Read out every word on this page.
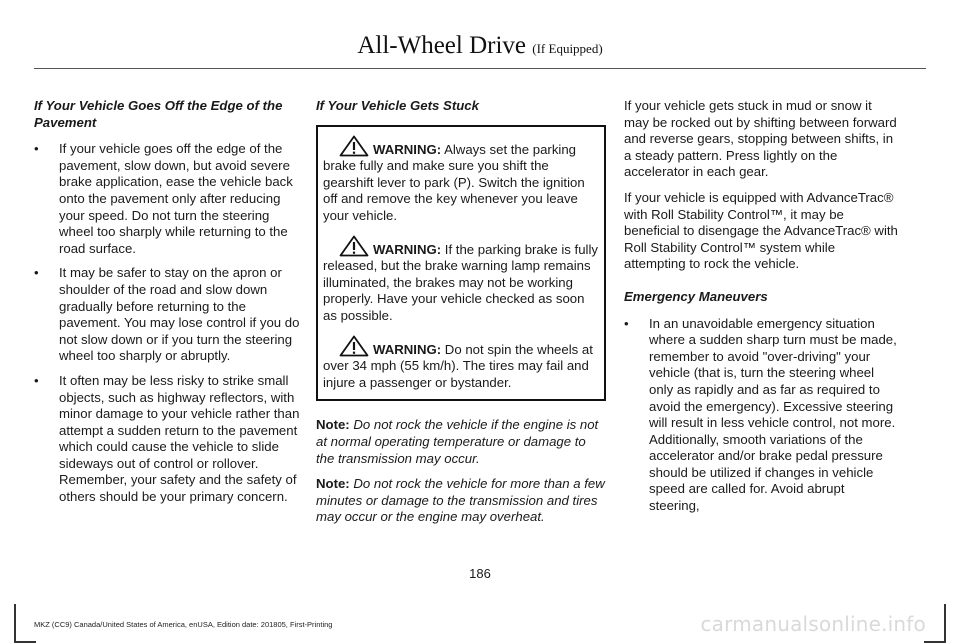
All-Wheel Drive (If Equipped)
If Your Vehicle Goes Off the Edge of the Pavement
• If your vehicle goes off the edge of the pavement, slow down, but avoid severe brake application, ease the vehicle back onto the pavement only after reducing your speed. Do not turn the steering wheel too sharply while returning to the road surface.
• It may be safer to stay on the apron or shoulder of the road and slow down gradually before returning to the pavement. You may lose control if you do not slow down or if you turn the steering wheel too sharply or abruptly.
• It often may be less risky to strike small objects, such as highway reflectors, with minor damage to your vehicle rather than attempt a sudden return to the pavement which could cause the vehicle to slide sideways out of control or rollover. Remember, your safety and the safety of others should be your primary concern.
If Your Vehicle Gets Stuck
WARNING: Always set the parking brake fully and make sure you shift the gearshift lever to park (P). Switch the ignition off and remove the key whenever you leave your vehicle.
WARNING: If the parking brake is fully released, but the brake warning lamp remains illuminated, the brakes may not be working properly. Have your vehicle checked as soon as possible.
WARNING: Do not spin the wheels at over 34 mph (55 km/h). The tires may fail and injure a passenger or bystander.

Note: Do not rock the vehicle if the engine is not at normal operating temperature or damage to the transmission may occur.

Note: Do not rock the vehicle for more than a few minutes or damage to the transmission and tires may occur or the engine may overheat.

If your vehicle gets stuck in mud or snow it may be rocked out by shifting between forward and reverse gears, stopping between shifts, in a steady pattern. Press lightly on the accelerator in each gear.

If your vehicle is equipped with AdvanceTrac® with Roll Stability Control™, it may be beneficial to disengage the AdvanceTrac® with Roll Stability Control™ system while attempting to rock the vehicle.

Emergency Maneuvers
• In an unavoidable emergency situation where a sudden sharp turn must be made, remember to avoid "over-driving" your vehicle (that is, turn the steering wheel only as rapidly and as far as required to avoid the emergency). Excessive steering will result in less vehicle control, not more. Additionally, smooth variations of the accelerator and/or brake pedal pressure should be utilized if changes in vehicle speed are called for. Avoid abrupt steering,
186
MKZ (CC9) Canada/United States of America, enUSA, Edition date: 201805, First-Printing	carmanualsonline.info
